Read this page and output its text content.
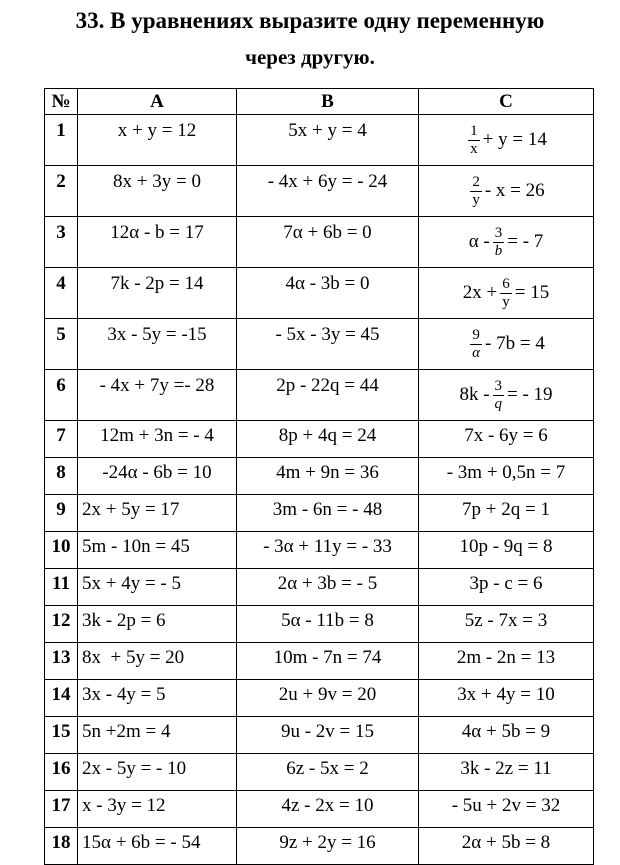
33. В уравнениях выразите одну переменную
через другую.
№	A	B	C
1	x + y = 12	5x + y = 4	$\frac{1}{x} + y = 14$
2	8x + 3y = 0	- 4x + 6y = - 24	$\frac{2}{y} - x = 26$
3	12α - b = 17	7α + 6b = 0	α - $\frac{3}{b}$ = - 7
4	7k - 2p = 14	4α - 3b = 0	$2x + \frac{6}{y} = 15$
5	3x - 5y = -15	- 5x - 3y = 45	$\frac{9}{\alpha} - 7b = 4$
6	- 4x + 7y =- 28	2p - 22q = 44	$8k - \frac{3}{q}$ = - 19
7	12m + 3n = - 4	8p + 4q = 24	7x - 6y = 6
8	-24α - 6b = 10	4m + 9n = 36	- 3m + 0,5n = 7
9	2x + 5y = 17	3m - 6n = - 48	7p + 2q = 1
10	5m - 10n = 45	- 3α + 11y = - 33	10p - 9q = 8
11	5x + 4y = - 5	2α + 3b = - 5	3p - c = 6
12	3k - 2p = 6	5α - 11b = 8	5z - 7x = 3
13	8x  + 5y = 20	10m - 7n = 74	2m - 2n = 13
14	3x - 4y = 5	2u + 9v = 20	3x + 4y = 10
15	5n +2m = 4	9u - 2v = 15	4α + 5b = 9
16	2x - 5y = - 10	6z - 5x = 2	3k - 2z = 11
17	x - 3y = 12	4z - 2x = 10	- 5u + 2v = 32
18	15α + 6b = - 54	9z + 2y = 16	2α + 5b = 8
